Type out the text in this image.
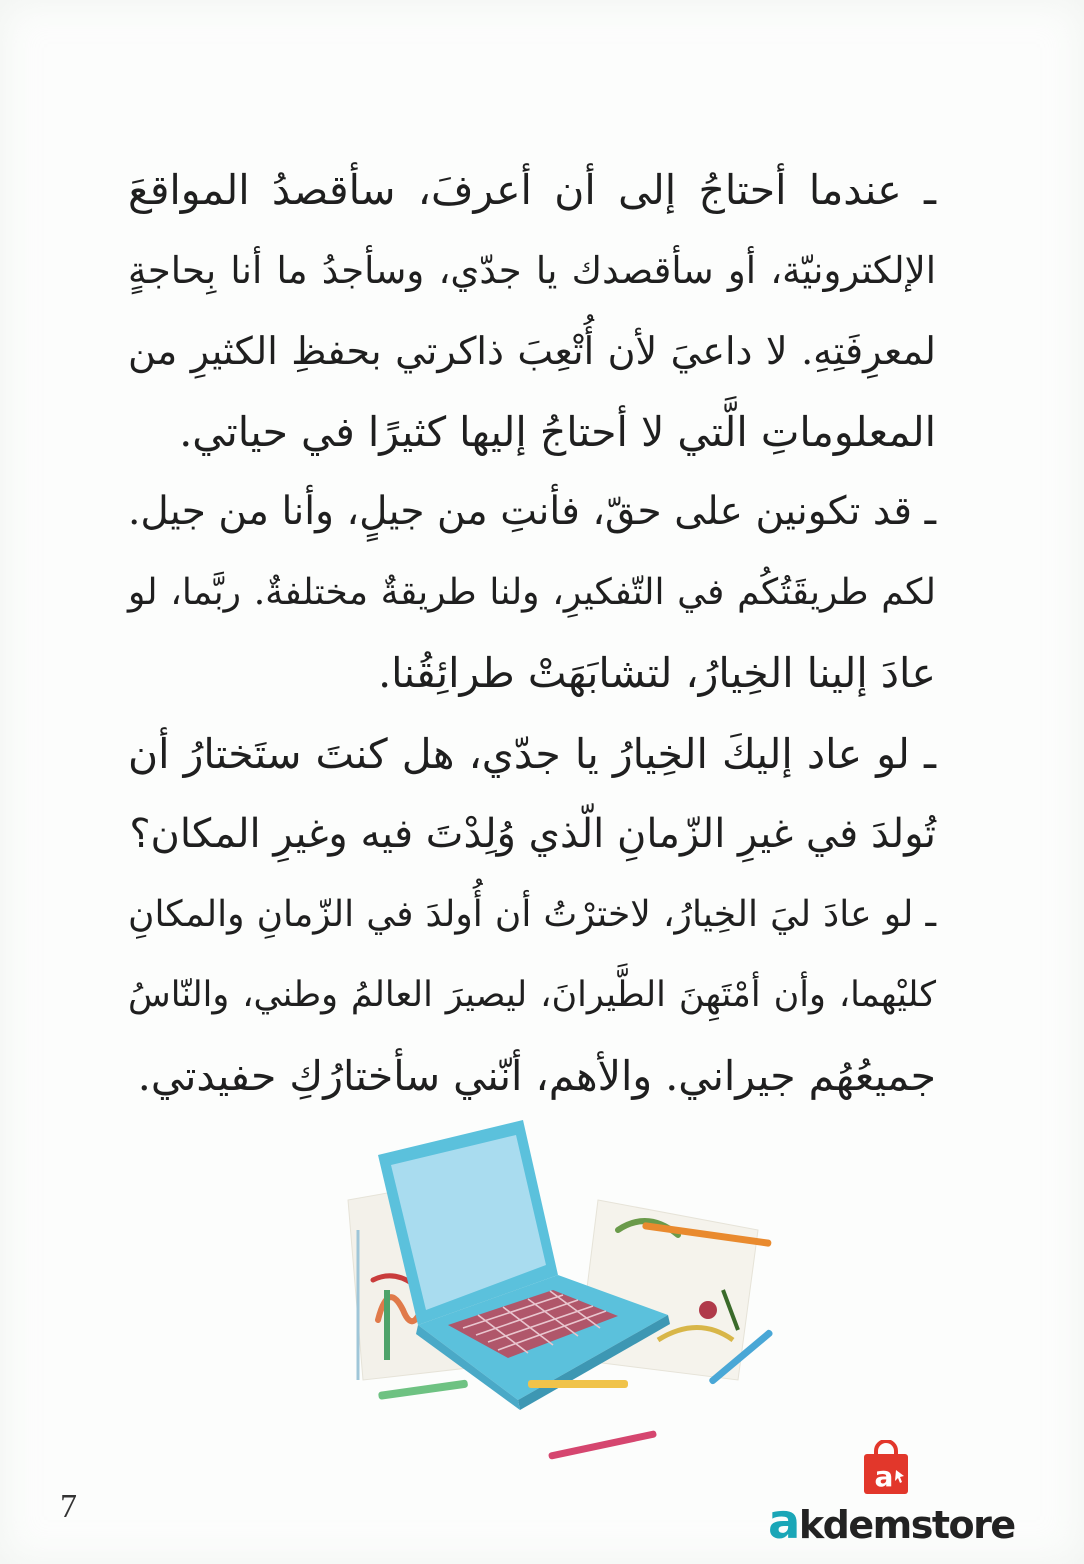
ـ عندما أحتاجُ إلى أن أعرفَ، سأقصدُ المواقعَ
الإلكترونيّة، أو سأقصدك يا جدّي، وسأجدُ ما أنا بِحاجةٍ
لمعرِفَتِهِ. لا داعيَ لأن أُتْعِبَ ذاكرتي بحفظِ الكثيرِ من
المعلوماتِ الَّتي لا أحتاجُ إليها كثيرًا في حياتي.
ـ قد تكونين على حقّ، فأنتِ من جيلٍ، وأنا من جيل.
لكم طريقَتُكُم في التّفكيرِ، ولنا طريقةٌ مختلفةٌ. ربَّما، لو
عادَ إلينا الخِيارُ، لتشابَهَتْ طرائِقُنا.
ـ لو عاد إليكَ الخِيارُ يا جدّي، هل كنتَ ستَختارُ أن
تُولدَ في غيرِ الزّمانِ الّذي وُلِدْتَ فيه وغيرِ المكان؟
ـ لو عادَ ليَ الخِيارُ، لاخترْتُ أن أُولدَ في الزّمانِ والمكانِ
كليْهما، وأن أمْتَهِنَ الطَّيرانَ، ليصيرَ العالمُ وطني، والنّاسُ
جميعُهُم جيراني. والأهم، أنّني سأختارُكِ حفيدتي.
7
a
akdemstore
